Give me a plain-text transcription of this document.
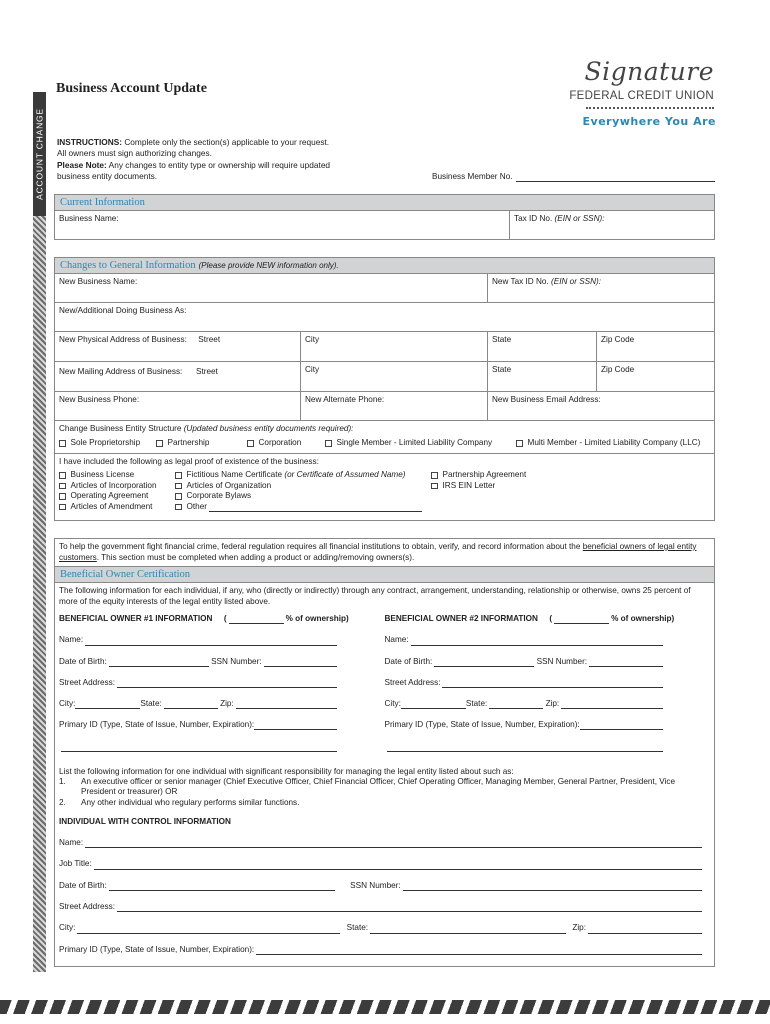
ACCOUNT CHANGE
Business Account Update
Signature
FEDERAL CREDIT UNION
Everywhere You Are
INSTRUCTIONS: Complete only the section(s) applicable to your request.
All owners must sign authorizing changes.
Please Note: Any changes to entity type or ownership will require updated
business entity documents.	Business Member No.
Current Information
Business Name:	Tax ID No. (EIN or SSN):
Changes to General Information (Please provide NEW information only).
New Business Name:	New Tax ID No. (EIN or SSN):
New/Additional Doing Business As:
New Physical Address of Business: Street	City	State	Zip Code
New Mailing Address of Business: Street	City	State	Zip Code
New Business Phone:	New Alternate Phone:	New Business Email Address:
Change Business Entity Structure (Updated business entity documents required):
Sole Proprietorship	Partnership	Corporation	Single Member - Limited Liability Company	Multi Member - Limited Liability Company (LLC)
I have included the following as legal proof of existence of the business:
Business License
Articles of Incorporation
Operating Agreement
Articles of Amendment
Fictitious Name Certificate
(or Certificate of Assumed Name)
Articles of Organization
Corporate Bylaws
Other
Partnership Agreement
IRS EIN Letter
To help the government fight financial crime, federal regulation requires all financial institutions to obtain, verify, and record information about the beneficial owners of legal entity customers. This section must be completed when adding a product or adding/removing owners(s).
Beneficial Owner Certification
The following information for each individual, if any, who (directly or indirectly) through any contract, arrangement, understanding, relationship or otherwise, owns 25 percent of more of the equity interests of the legal entity listed above.
BENEFICIAL OWNER #1 INFORMATION (	% of ownership)
Name:
Date of Birth:
	SSN Number:
Street Address:
City:	State:
	Zip:
Primary ID (Type, State of Issue, Number, Expiration):
BENEFICIAL OWNER #2 INFORMATION (	% of ownership)
Name:
Date of Birth:
	SSN Number:
Street Address:
City:	State:
	Zip:
Primary ID (Type, State of Issue, Number, Expiration):
List the following information for one individual with significant responsibility for managing the legal entity listed about such as:
1.	An executive officer or senior manager (Chief Executive Officer, Chief Financial Officer, Chief Operating Officer, Managing Member, General Partner, President, Vice President or treasurer) OR
2.	Any other individual who regulary performs similar functions.
INDIVIDUAL WITH CONTROL INFORMATION
Name:
Job Title:
Date of Birth:
	SSN Number:
Street Address:
City:
	State:
	Zip:
Primary ID (Type, State of Issue, Number, Expiration):
